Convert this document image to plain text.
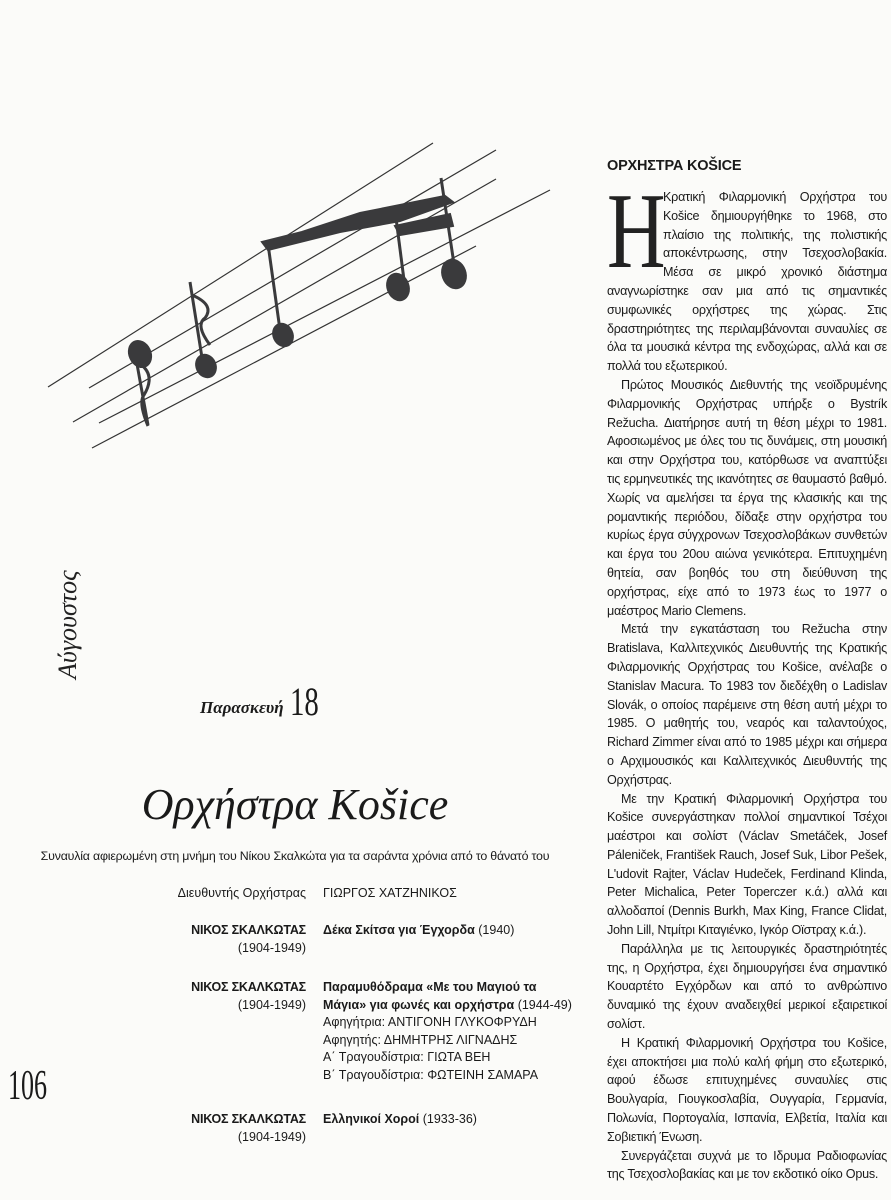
Αύγουστος
Παρασκευή 18
Ορχήστρα Košice
Συναυλία αφιερωμένη στη μνήμη του Νίκου Σκαλκώτα για τα σαράντα χρόνια από το θάνατό του
Διευθυντής Ορχήστρας ΓΙΩΡΓΟΣ ΧΑΤΖΗΝΙΚΟΣ
ΝΙΚΟΣ ΣΚΑΛΚΩΤΑΣ
(1904-1949)
Δέκα Σκίτσα για Έγχορδα (1940)
ΝΙΚΟΣ ΣΚΑΛΚΩΤΑΣ
(1904-1949)
Παραμυθόδραμα «Με του Μαγιού τα
Μάγια» για φωνές και ορχήστρα (1944-49)
Αφηγήτρια: ΑΝΤΙΓΟΝΗ ΓΛΥΚΟΦΡΥΔΗ
Αφηγητής: ΔΗΜΗΤΡΗΣ ΛΙΓΝΑΔΗΣ
Α΄ Τραγουδίστρια: ΓΙΩΤΑ ΒΕΗ
Β΄ Τραγουδίστρια: ΦΩΤΕΙΝΗ ΣΑΜΑΡΑ
ΝΙΚΟΣ ΣΚΑΛΚΩΤΑΣ
(1904-1949)
Ελληνικοί Χοροί (1933-36)
106
ΟΡΧΗΣΤΡΑ KOŠICE

Η
Κρατική Φιλαρμονική Ορχήστρα του Košice δημιουργήθηκε το 1968, στο πλαίσιο της πολιτικής, της πολιστικής αποκέντρωσης, στην Τσεχοσλοβακία. Μέσα σε μικρό χρονικό διάστημα αναγνωρίστηκε σαν μια από τις σημαντικές συμφωνικές ορχήστρες της χώρας. Στις δραστηριότητες της περιλαμβάνονται συναυλίες σε όλα τα μουσικά κέντρα της ενδοχώρας, αλλά και σε πολλά του εξωτερικού.

Πρώτος Μουσικός Διεθυντής της νεοϊδρυμένης Φιλαρμονικής Ορχήστρας υπήρξε ο Bystrík Režucha. Διατήρησε αυτή τη θέση μέχρι το 1981. Αφοσιωμένος με όλες του τις δυνάμεις, στη μουσική και στην Ορχήστρα του, κατόρθωσε να αναπτύξει τις ερμηνευτικές της ικανότητες σε θαυμαστό βαθμό. Χωρίς να αμελήσει τα έργα της κλασικής και της ρομαντικής περιόδου, δίδαξε στην ορχήστρα του κυρίως έργα σύγχρονων Τσεχοσλοβάκων συνθετών και έργα του 20ου αιώνα γενικότερα. Επιτυχημένη θητεία, σαν βοηθός του στη διεύθυνση της ορχήστρας, είχε από το 1973 έως το 1977 ο μαέστρος Mario Clemens.

Μετά την εγκατάσταση του Režucha στην Bratislava, Καλλιτεχνικός Διευθυντής της Κρατικής Φιλαρμονικής Ορχήστρας του Košice, ανέλαβε ο Stanislav Macura. Το 1983 τον διεδέχθη ο Ladislav Slovák, ο οποίος παρέμεινε στη θέση αυτή μέχρι το 1985. Ο μαθητής του, νεαρός και ταλαντούχος, Richard Zimmer είναι από το 1985 μέχρι και σήμερα ο Αρχιμουσικός και Καλλιτεχνικός Διευθυντής της Ορχήστρας.

Με την Κρατική Φιλαρμονική Ορχήστρα του Košice συνεργάστηκαν πολλοί σημαντικοί Τσέχοι μαέστροι και σολίστ (Václav Smetáček, Josef Páleniček, František Rauch, Josef Suk, Libor Pešek, L'udovit Rajter, Václav Hudeček, Ferdinand Klinda, Peter Michalica, Peter Toperczer κ.ά.) αλλά και αλλοδαποί (Dennis Burkh, Max King, France Clidat, John Lill, Ντμίτρι Κιταγιένκο, Ιγκόρ Οϊστραχ κ.ά.).

Παράλληλα με τις λειτουργικές δραστηριότητές της, η Ορχήστρα, έχει δημιουργήσει ένα σημαντικό Κουαρτέτο Εγχόρδων και από το ανθρώπινο δυναμικό της έχουν αναδειχθεί μερικοί εξαιρετικοί σολίστ.

Η Κρατική Φιλαρμονική Ορχήστρα του Košice, έχει αποκτήσει μια πολύ καλή φήμη στο εξωτερικό, αφού έδωσε επιτυχημένες συναυλίες στις Βουλγαρία, Γιουγκοσλαβία, Ουγγαρία, Γερμανία, Πολωνία, Πορτογαλία, Ισπανία, Ελβετία, Ιταλία και Σοβιετική Ένωση.

Συνεργάζεται συχνά με το Ιδρυμα Ραδιοφωνίας της Τσεχοσλοβακίας και με τον εκδοτικό οίκο Opus.
